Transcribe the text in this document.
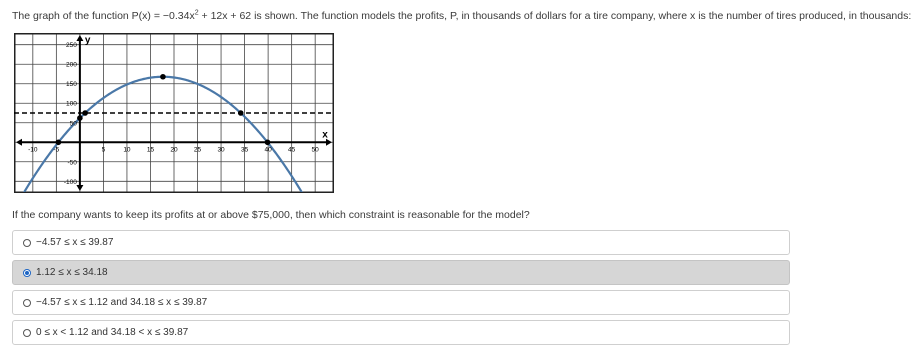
The graph of the function $P(x) = -0.34x^2 + 12x + 62$ is shown. The function models the profits, P, in thousands of dollars for a tire company, where x is the number of tires produced, in thousands:
-10 -5	5	10	15	20	25	30	35	40	45	50
250
200
150
100
50
-50
-100
x
y
If the company wants to keep its profits at or above $75,000, then which constraint is reasonable for the model?
−4.57 ≤ x ≤ 39.87
1.12 ≤ x ≤ 34.18
−4.57 ≤ x ≤ 1.12 and 34.18 ≤ x ≤ 39.87
0 ≤ x < 1.12 and 34.18 < x ≤ 39.87
